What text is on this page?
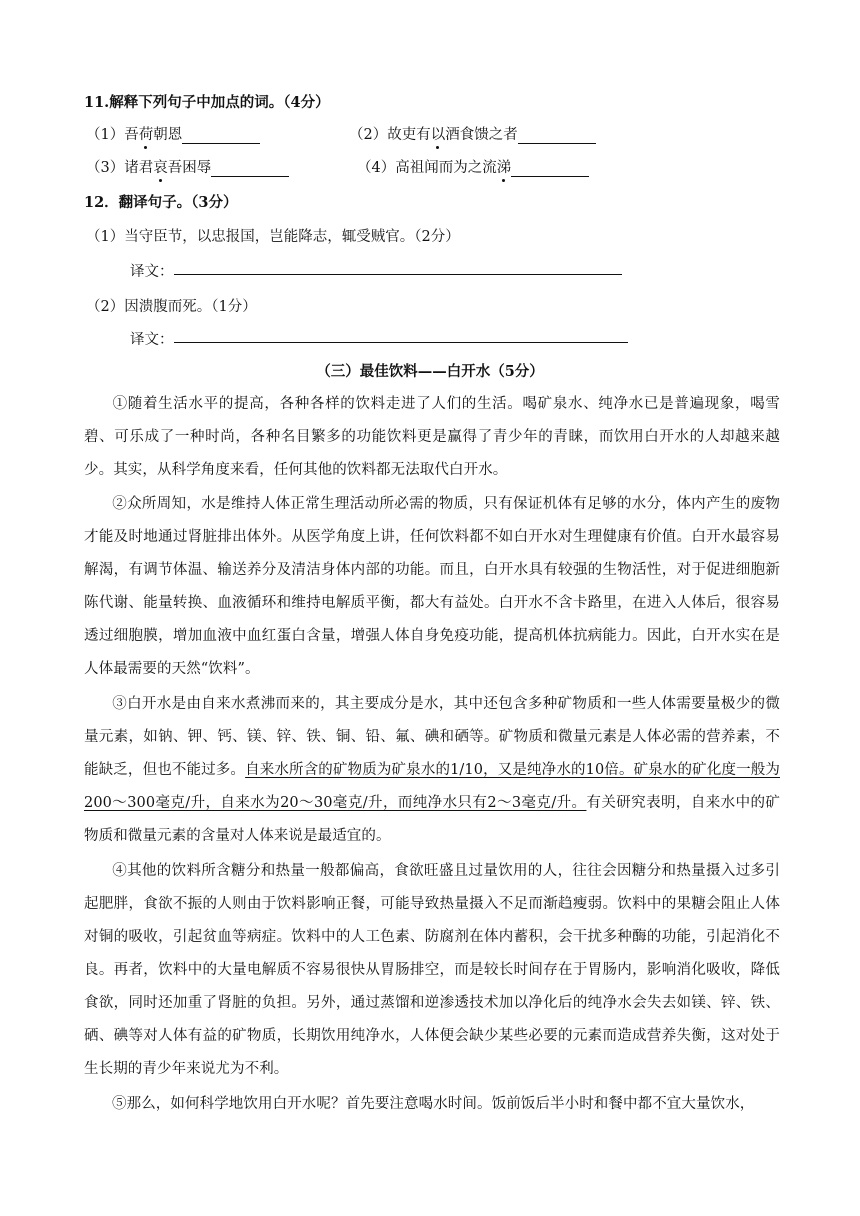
11.解释下列句子中加点的词。（4分）
（1）吾荷朝恩	（2）故吏有以酒食馈之者
（3）诸君哀吾困辱	（4）高祖闻而为之流涕
12．翻译句子。（3分）
（1）当守臣节，以忠报国，岂能降志，辄受贼官。（2分）
译文：
（2）因溃腹而死。（1分）
译文：
（三）最佳饮料——白开水（5分）
①随着生活水平的提高，各种各样的饮料走进了人们的生活。喝矿泉水、纯净水已是普遍现象，喝雪碧、可乐成了一种时尚，各种名目繁多的功能饮料更是赢得了青少年的青睐，而饮用白开水的人却越来越少。其实，从科学角度来看，任何其他的饮料都无法取代白开水。
②众所周知，水是维持人体正常生理活动所必需的物质，只有保证机体有足够的水分，体内产生的废物才能及时地通过肾脏排出体外。从医学角度上讲，任何饮料都不如白开水对生理健康有价值。白开水最容易解渴，有调节体温、输送养分及清洁身体内部的功能。而且，白开水具有较强的生物活性，对于促进细胞新陈代谢、能量转换、血液循环和维持电解质平衡，都大有益处。白开水不含卡路里，在进入人体后，很容易透过细胞膜，增加血液中血红蛋白含量，增强人体自身免疫功能，提高机体抗病能力。因此，白开水实在是人体最需要的天然“饮料”。
③白开水是由自来水煮沸而来的，其主要成分是水，其中还包含多种矿物质和一些人体需要量极少的微量元素，如钠、钾、钙、镁、锌、铁、铜、铅、氟、碘和硒等。矿物质和微量元素是人体必需的营养素，不能缺乏，但也不能过多。自来水所含的矿物质为矿泉水的1/10，又是纯净水的10倍。矿泉水的矿化度一般为200～300毫克/升，自来水为20～30毫克/升，而纯净水只有2～3毫克/升。有关研究表明，自来水中的矿物质和微量元素的含量对人体来说是最适宜的。
④其他的饮料所含糖分和热量一般都偏高，食欲旺盛且过量饮用的人，往往会因糖分和热量摄入过多引起肥胖，食欲不振的人则由于饮料影响正餐，可能导致热量摄入不足而渐趋瘦弱。饮料中的果糖会阻止人体对铜的吸收，引起贫血等病症。饮料中的人工色素、防腐剂在体内蓄积，会干扰多种酶的功能，引起消化不良。再者，饮料中的大量电解质不容易很快从胃肠排空，而是较长时间存在于胃肠内，影响消化吸收，降低食欲，同时还加重了肾脏的负担。另外，通过蒸馏和逆渗透技术加以净化后的纯净水会失去如镁、锌、铁、硒、碘等对人体有益的矿物质，长期饮用纯净水，人体便会缺少某些必要的元素而造成营养失衡，这对处于生长期的青少年来说尤为不利。
⑤那么，如何科学地饮用白开水呢？首先要注意喝水时间。饭前饭后半小时和餐中都不宜大量饮水，
